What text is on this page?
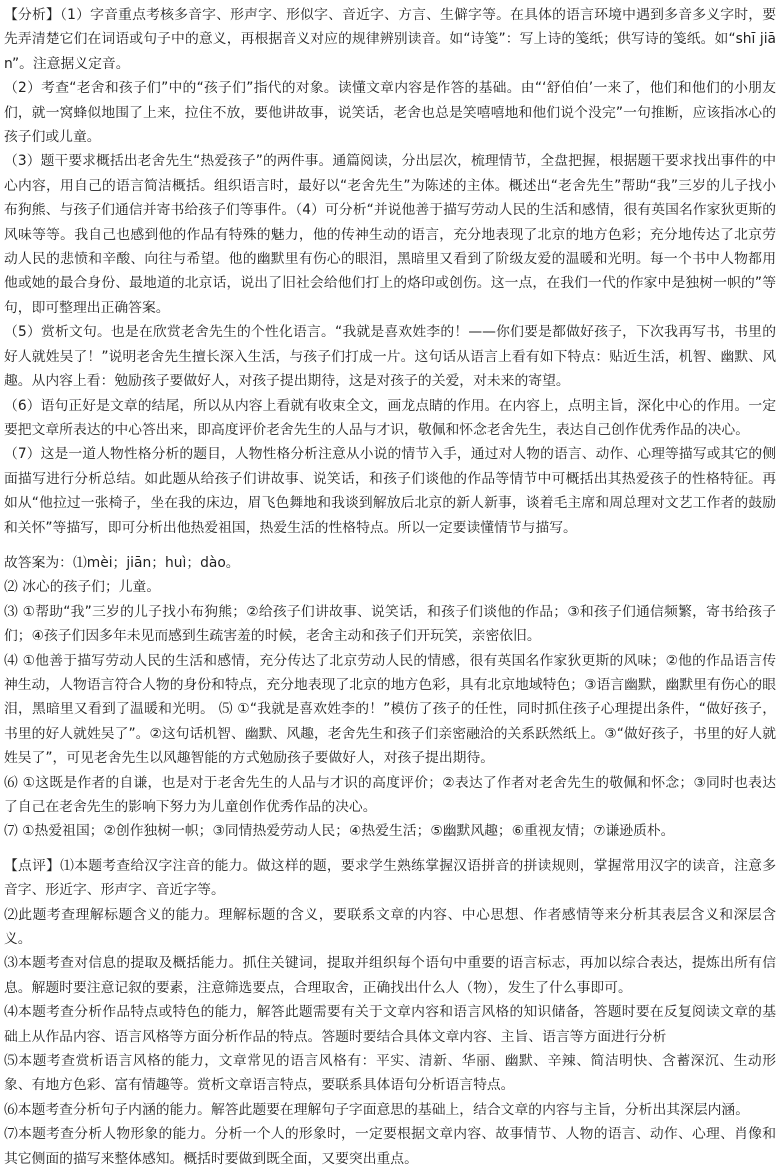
【分析】（1）字音重点考核多音字、形声字、形似字、音近字、方言、生僻字等。在具体的语言环境中遇到多音多义字时，要先弄清楚它们在词语或句子中的意义，再根据音义对应的规律辨别读音。如“诗笺”：写上诗的笺纸；供写诗的笺纸。如“shī jiān”。注意据义定音。

（2）考查“老舍和孩子们”中的“孩子们”指代的对象。读懂文章内容是作答的基础。由“‘舒伯伯’一来了，他们和他们的小朋友们，就一窝蜂似地围了上来，拉住不放，要他讲故事，说笑话，老舍也总是笑嘻嘻地和他们说个没完”一句推断，应该指冰心的孩子们或儿童。

（3）题干要求概括出老舍先生“热爱孩子”的两件事。通篇阅读，分出层次，梳理情节，全盘把握，根据题干要求找出事件的中心内容，用自己的语言简洁概括。组织语言时，最好以“老舍先生”为陈述的主体。概述出“老舍先生”帮助“我”三岁的儿子找小布狗熊、与孩子们通信并寄书给孩子们等事件。（4）可分析“并说他善于描写劳动人民的生活和感情，很有英国名作家狄更斯的风味等等。我自己也感到他的作品有特殊的魅力，他的传神生动的语言，充分地表现了北京的地方色彩；充分地传达了北京劳动人民的悲愤和辛酸、向往与希望。他的幽默里有伤心的眼泪，黑暗里又看到了阶级友爱的温暖和光明。每一个书中人物都用他或她的最合身份、最地道的北京话，说出了旧社会给他们打上的烙印或创伤。这一点，在我们一代的作家中是独树一帜的”等句，即可整理出正确答案。

（5）赏析文句。也是在欣赏老舍先生的个性化语言。“我就是喜欢姓李的！——你们要是都做好孩子，下次我再写书，书里的好人就姓吴了！”说明老舍先生擅长深入生活，与孩子们打成一片。这句话从语言上看有如下特点：贴近生活，机智、幽默、风趣。从内容上看：勉励孩子要做好人，对孩子提出期待，这是对孩子的关爱，对未来的寄望。

（6）语句正好是文章的结尾，所以从内容上看就有收束全文，画龙点睛的作用。在内容上，点明主旨，深化中心的作用。一定要把文章所表达的中心答出来，即高度评价老舍先生的人品与才识，敬佩和怀念老舍先生，表达自己创作优秀作品的决心。

（7）这是一道人物性格分析的题目，人物性格分析注意从小说的情节入手，通过对人物的语言、动作、心理等描写或其它的侧面描写进行分析总结。如此题从给孩子们讲故事、说笑话，和孩子们谈他的作品等情节中可概括出其热爱孩子的性格特征。再如从“他拉过一张椅子，坐在我的床边，眉飞色舞地和我谈到解放后北京的新人新事，谈着毛主席和周总理对文艺工作者的鼓励和关怀”等描写，即可分析出他热爱祖国，热爱生活的性格特点。所以一定要读懂情节与描写。

故答案为：⑴mèi；jiān；huì；dào。

⑵ 冰心的孩子们；儿童。

⑶ ①帮助“我”三岁的儿子找小布狗熊；②给孩子们讲故事、说笑话，和孩子们谈他的作品；③和孩子们通信频繁，寄书给孩子们；④孩子们因多年未见而感到生疏害羞的时候，老舍主动和孩子们开玩笑，亲密依旧。

⑷ ①他善于描写劳动人民的生活和感情，充分传达了北京劳动人民的情感，很有英国名作家狄更斯的风味；②他的作品语言传神生动，人物语言符合人物的身份和特点，充分地表现了北京的地方色彩，具有北京地域特色；③语言幽默，幽默里有伤心的眼泪，黑暗里又看到了温暖和光明。 ⑸ ①“我就是喜欢姓李的！”模仿了孩子的任性，同时抓住孩子心理提出条件，“做好孩子，书里的好人就姓吴了”。②这句话机智、幽默、风趣，老舍先生和孩子们亲密融洽的关系跃然纸上。③“做好孩子，书里的好人就姓吴了”，可见老舍先生以风趣智能的方式勉励孩子要做好人，对孩子提出期待。

⑹ ①这既是作者的自谦，也是对于老舍先生的人品与才识的高度评价；②表达了作者对老舍先生的敬佩和怀念；③同时也表达了自己在老舍先生的影响下努力为儿童创作优秀作品的决心。

⑺ ①热爱祖国；②创作独树一帜；③同情热爱劳动人民；④热爱生活；⑤幽默风趣；⑥重视友情；⑦谦逊质朴。

【点评】⑴本题考查给汉字注音的能力。做这样的题，要求学生熟练掌握汉语拼音的拼读规则，掌握常用汉字的读音，注意多音字、形近字、形声字、音近字等。

⑵此题考查理解标题含义的能力。理解标题的含义，要联系文章的内容、中心思想、作者感情等来分析其表层含义和深层含义。

⑶本题考查对信息的提取及概括能力。抓住关键词，提取并组织每个语句中重要的语言标志，再加以综合表达，提炼出所有信息。解题时要注意记叙的要素，注意筛选要点，合理取舍，正确找出什么人（物），发生了什么事即可。

⑷本题考查分析作品特点或特色的能力，解答此题需要有关于文章内容和语言风格的知识储备，答题时要在反复阅读文章的基础上从作品内容、语言风格等方面分析作品的特点。答题时要结合具体文章内容、主旨、语言等方面进行分析

⑸本题考查赏析语言风格的能力，文章常见的语言风格有：平实、清新、华丽、幽默、辛辣、简洁明快、含蓄深沉、生动形象、有地方色彩、富有情趣等。赏析文章语言特点，要联系具体语句分析语言特点。

⑹本题考查分析句子内涵的能力。解答此题要在理解句子字面意思的基础上，结合文章的内容与主旨，分析出其深层内涵。

⑺本题考查分析人物形象的能力。分析一个人的形象时，一定要根据文章内容、故事情节、人物的语言、动作、心理、肖像和其它侧面的描写来整体感知。概括时要做到既全面，又要突出重点。
